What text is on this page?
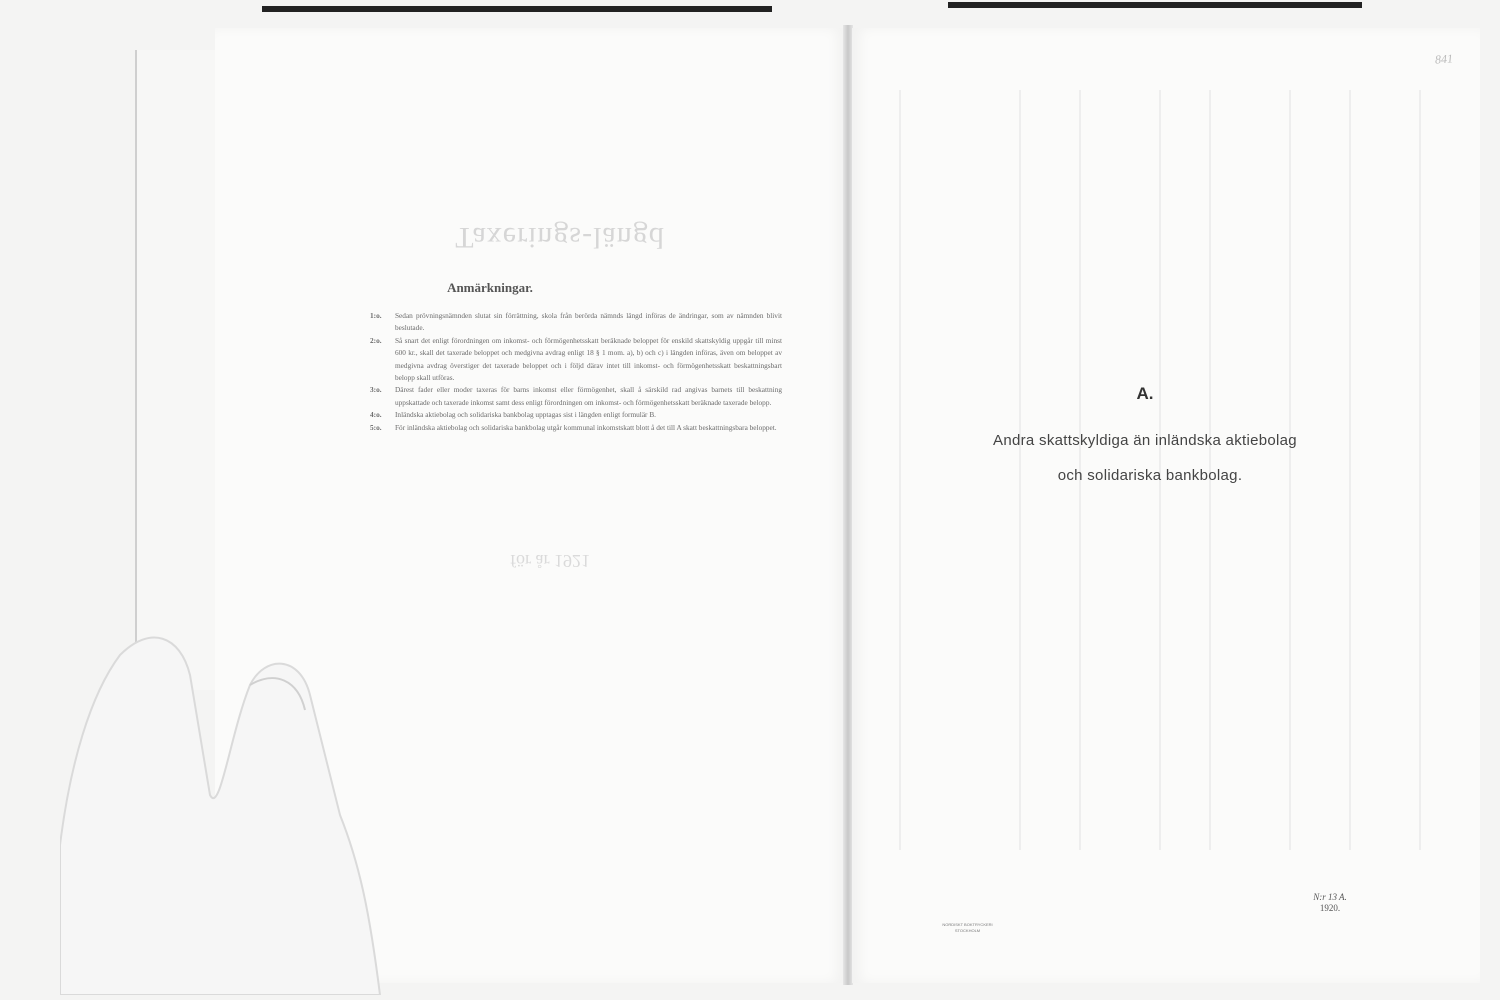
Taxerings-längd
för år 1921
Anmärkningar.

1:o.	Sedan prövningsnämnden slutat sin förrättning, skola från berörda nämnds längd införas de ändringar, som av nämnden blivit beslutade.

2:o.	Så snart det enligt förordningen om inkomst- och förmögenhetsskatt beräknade beloppet för enskild skattskyldig uppgår till minst 600 kr., skall det taxerade beloppet och medgivna avdrag enligt 18 § 1 mom. a), b) och c) i längden införas, även om beloppet av medgivna avdrag överstiger det taxerade beloppet och i följd därav intet till inkomst- och förmögenhetsskatt beskattningsbart belopp skall utföras.

3:o.	Därest fader eller moder taxeras för barns inkomst eller förmögenhet, skall å särskild rad angivas barnets till beskattning uppskattade och taxerade inkomst samt dess enligt förordningen om inkomst- och förmögenhetsskatt beräknade taxerade belopp.

4:o.	Inländska aktiebolag och solidariska bankbolag upptagas sist i längden enligt formulär B.

5:o.	För inländska aktiebolag och solidariska bankbolag utgår kommunal inkomstskatt blott å det till A skatt beskattningsbara beloppet.

841
A.
Andra skattskyldiga än inländska aktiebolag
och solidariska bankbolag.
NORDISKT BOKTRYCKERI
STOCKHOLM
N:r 13 A.
1920.
